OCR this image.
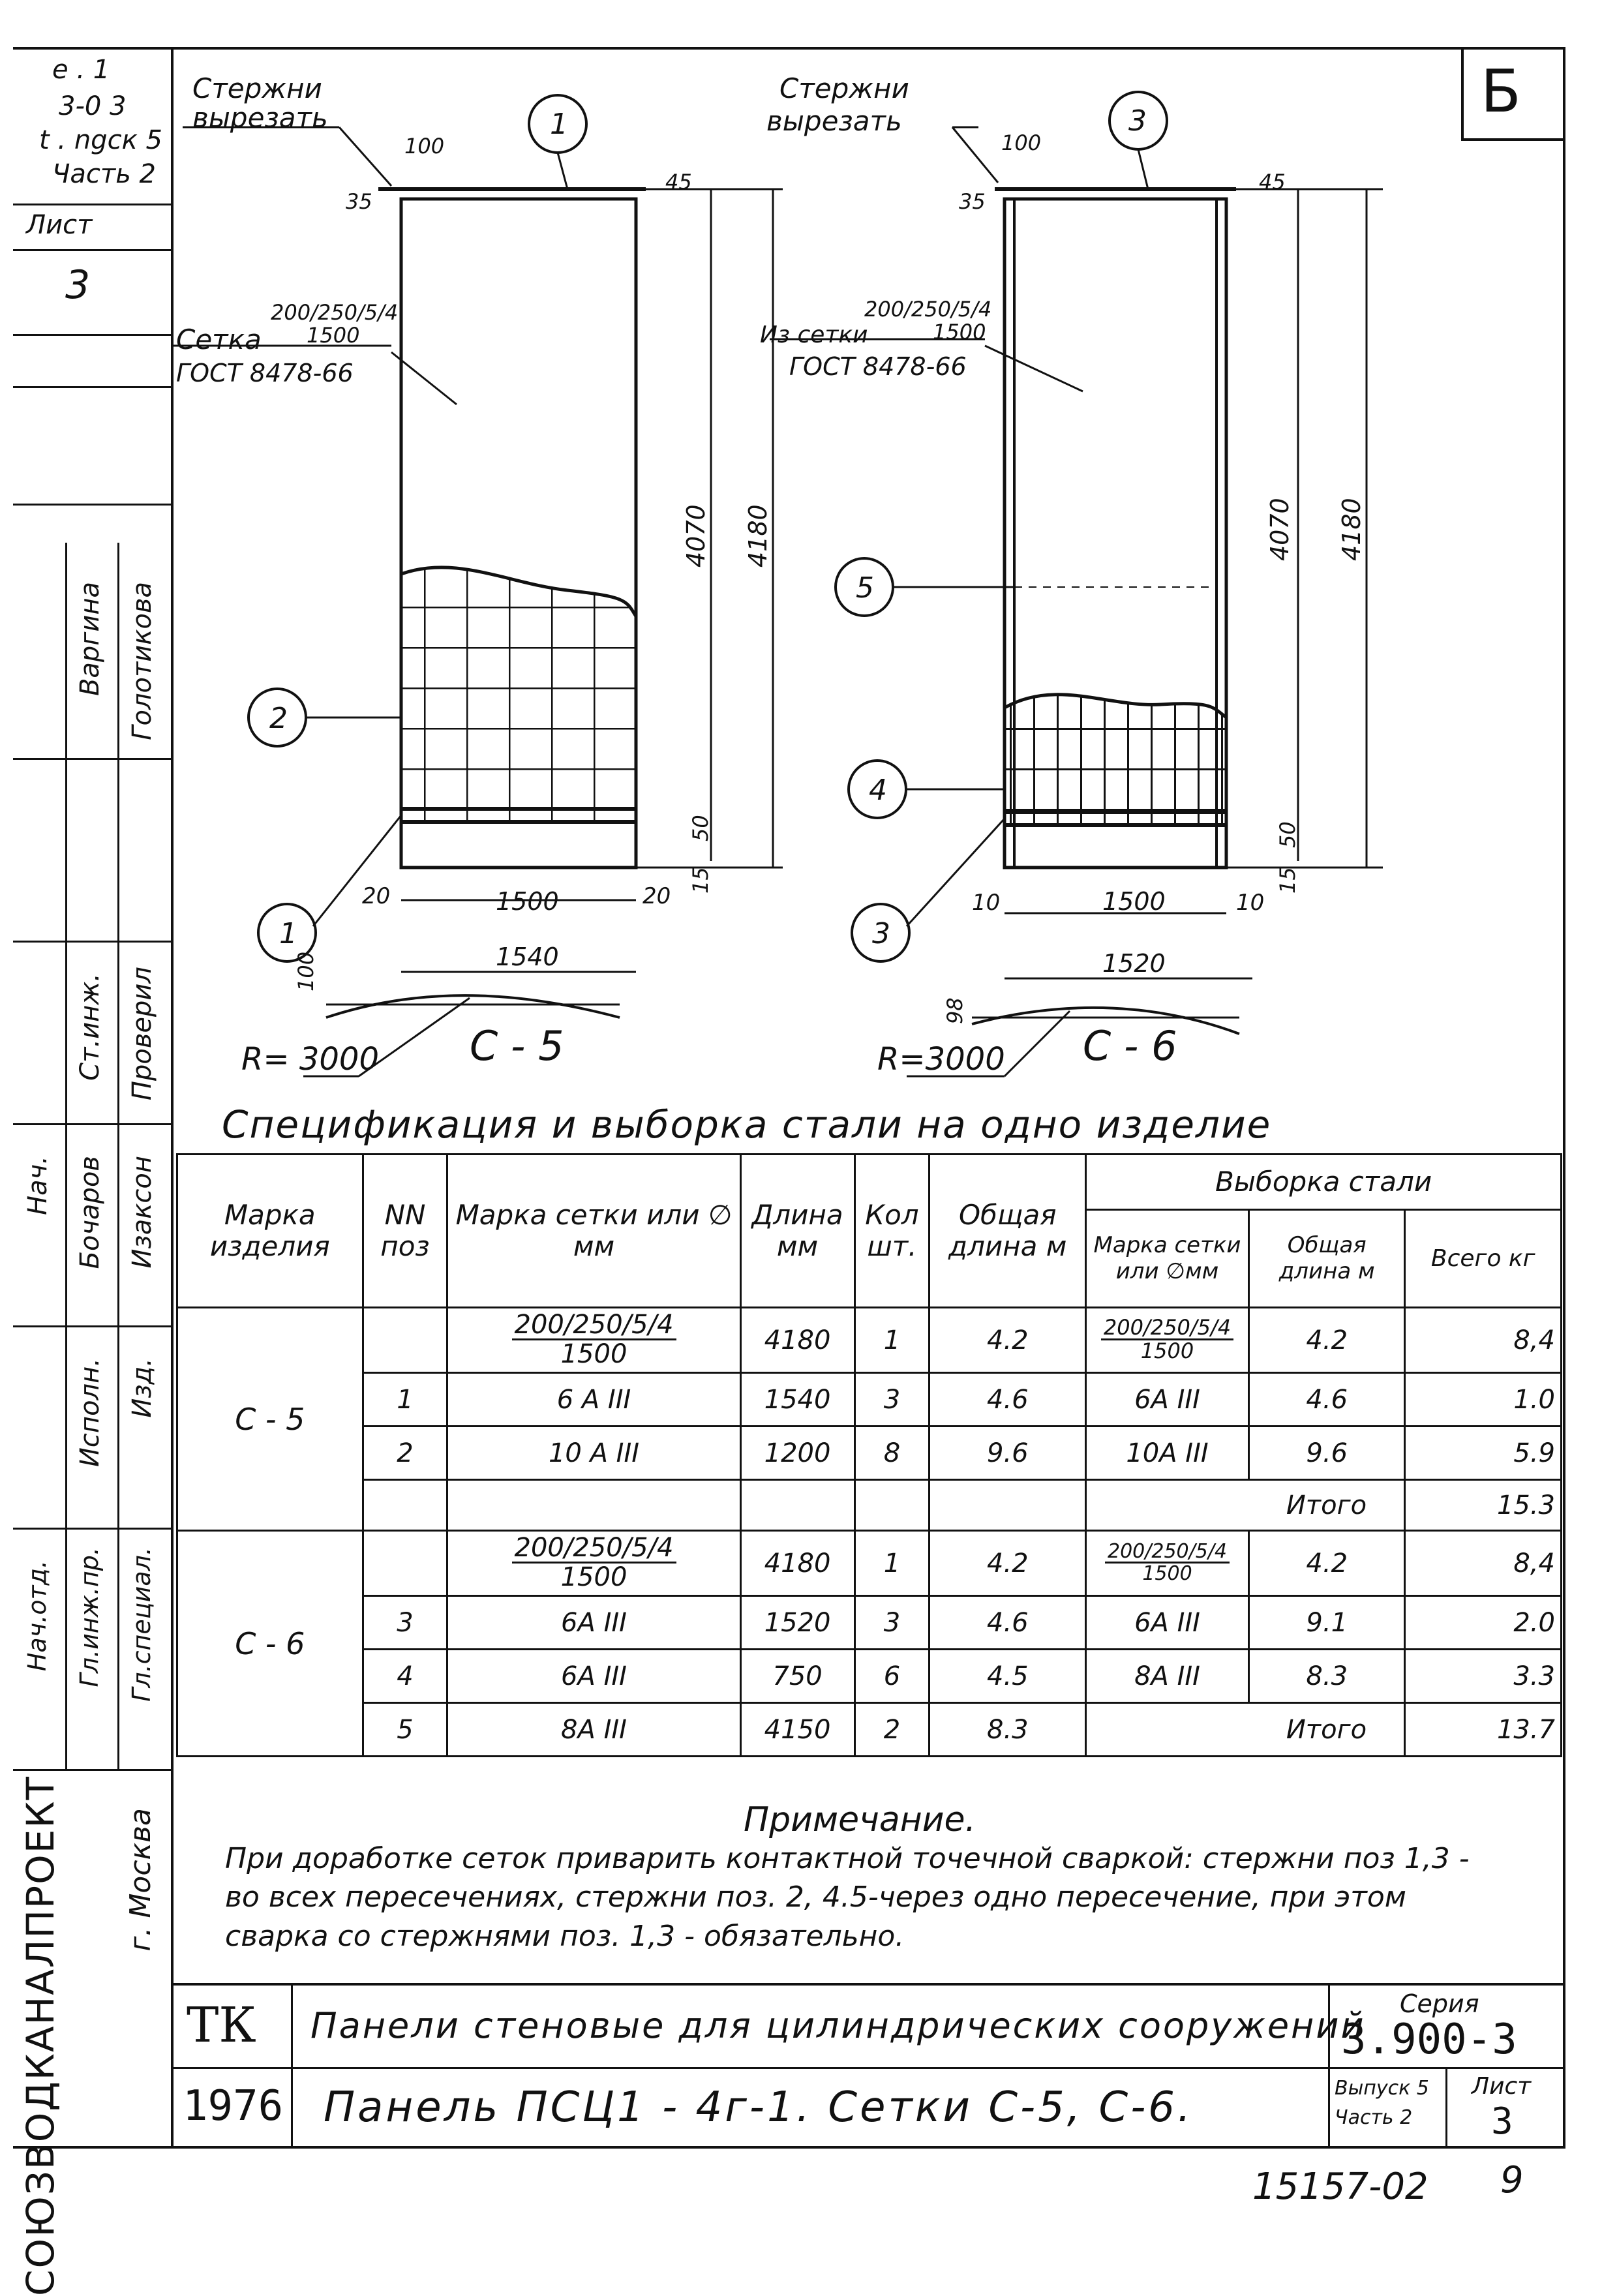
Б
e . 1
3-0 3
t . ngcк 5
Часть 2
Лист
3
Варгина Голотикова
Ст.инж. Проверил
Нач. Бочаров Изаксон
Исполн. Изд.
Нач.отд. Гл.инж.пр. Гл.специал.
СОЮЗВОДКАНАЛПРОЕКТ г. Москва
Стержни
вырезать
100
35
45
200/250/5/4
Сетка 1500
ГОСТ 8478-66
4070 4180
50
15
20	20
1500
1540
100
R= 3000 С - 5
1
2
1
Стержни
вырезать
100
35
45
200/250/5/4
Из сетки	1500
ГОСТ 8478-66
4070 4180
50
15
10	10
1500
1520
98
R=3000 С - 6
3
5
4
3
Спецификация и выборка стали на одно изделие
Марка изделия	NN поз	Марка сетки или ∅ мм	Длина мм	Кол шт.	Общая длина м	Выборка стали		
						Марка сетки или ∅мм	Общая длина м	Всего кг
С - 5		$\frac{200/250/5/4}{1500}$	4180	1	4.2	$\frac{200/250/5/4}{1500}$	4.2	8,4
	1	6 А III	1540	3	4.6	6А III	4.6	1.0
	2	10 А III	1200	8	9.6	10А III	9.6	5.9
							Итого	15.3
С - 6		$\frac{200/250/5/4}{1500}$	4180	1	4.2	$\frac{200/250/5/4}{1500}$	4.2	8,4
	3	6А III	1520	3	4.6	6А III	9.1	2.0
	4	6А III	750	6	4.5	8А III	8.3	3.3
	5	8А III	4150	2	8.3		Итого	13.7
Примечание.
При доработке сеток приварить контактной точечной сваркой: стержни поз 1,3 - во всех пересечениях, стержни поз. 2, 4.5-через одно пересечение, при этом сварка со стержнями поз. 1,3 - обязательно.
ТК
1976
Панели стеновые для цилиндрических сооружений
Панель ПСЦ1 - 4г-1. Сетки С-5, С-6.
Серия
3.900-3
Выпуск 5
Часть 2
Лист
3
15157-02 9
